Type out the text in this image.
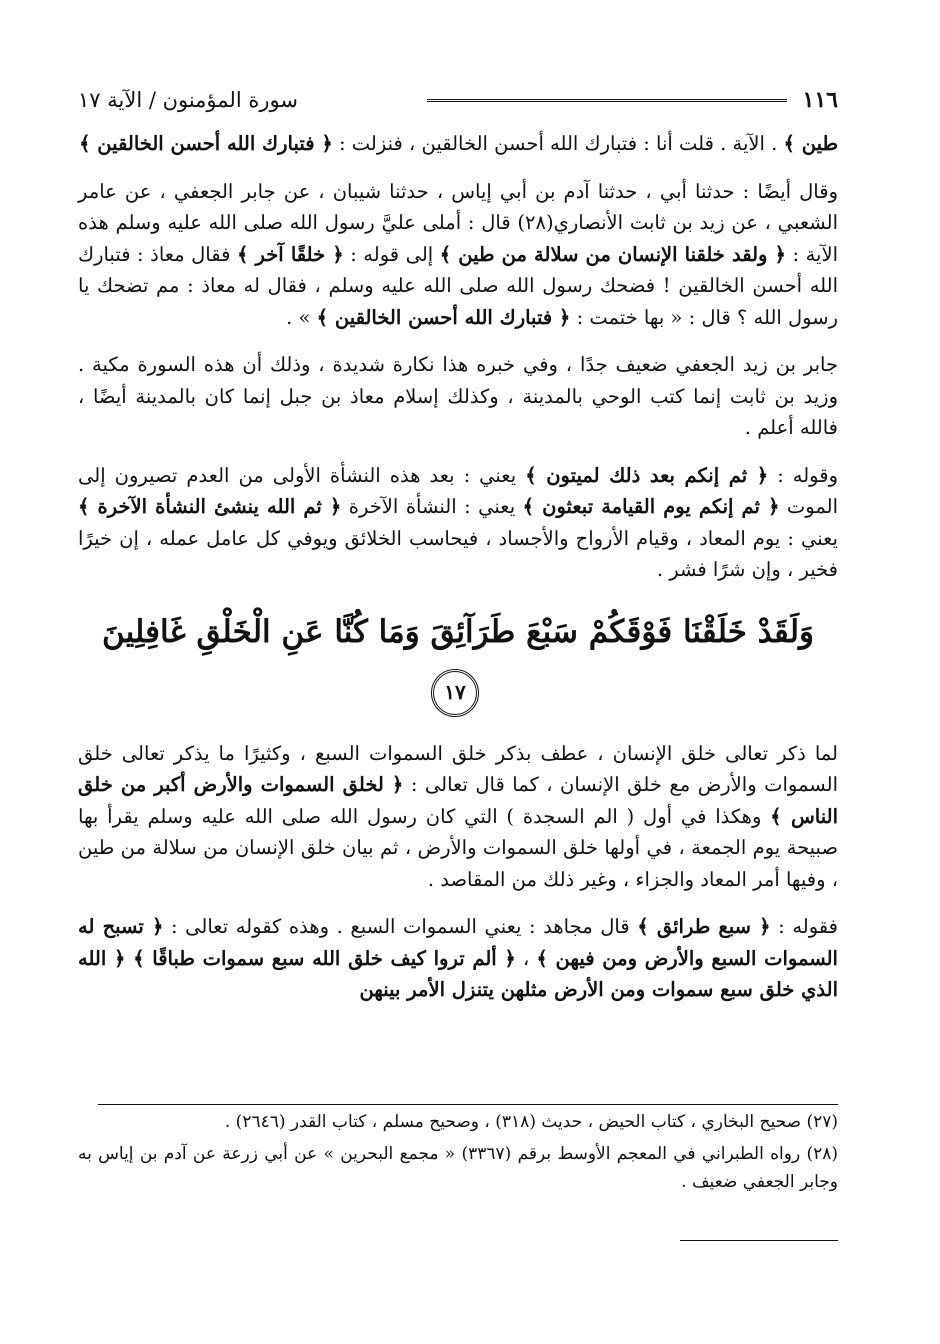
١١٦
سورة المؤمنون / الآية ١٧

طين ﴾ . الآية . قلت أنا : فتبارك الله أحسن الخالقين ، فنزلت : ﴿ فتبارك الله أحسن الخالقين ﴾

وقال أيضًا : حدثنا أبي ، حدثنا آدم بن أبي إياس ، حدثنا شيبان ، عن جابر الجعفي ، عن عامر الشعبي ، عن زيد بن ثابت الأنصاري(٢٨) قال : أملى عليَّ رسول الله صلى الله عليه وسلم هذه الآية : ﴿ ولقد خلقنا الإنسان من سلالة من طين ﴾ إلى قوله : ﴿ خلقًا آخر ﴾ فقال معاذ : فتبارك الله أحسن الخالقين ! فضحك رسول الله صلى الله عليه وسلم ، فقال له معاذ : مم تضحك يا رسول الله ؟ قال : « بها ختمت : ﴿ فتبارك الله أحسن الخالقين ﴾ » .

جابر بن زيد الجعفي ضعيف جدًا ، وفي خبره هذا نكارة شديدة ، وذلك أن هذه السورة مكية . وزيد بن ثابت إنما كتب الوحي بالمدينة ، وكذلك إسلام معاذ بن جبل إنما كان بالمدينة أيضًا ، فالله أعلم .

وقوله : ﴿ ثم إنكم بعد ذلك لميتون ﴾ يعني : بعد هذه النشأة الأولى من العدم تصيرون إلى الموت ﴿ ثم إنكم يوم القيامة تبعثون ﴾ يعني : النشأة الآخرة ﴿ ثم الله ينشئ النشأة الآخرة ﴾ يعني : يوم المعاد ، وقيام الأرواح والأجساد ، فيحاسب الخلائق ويوفي كل عامل عمله ، إن خيرًا فخير ، وإن شرًا فشر .

وَلَقَدْ خَلَقْنَا فَوْقَكُمْ سَبْعَ طَرَآئِقَ وَمَا كُنَّا عَنِ الْخَلْقِ غَافِلِينَ ١٧

لما ذكر تعالى خلق الإنسان ، عطف بذكر خلق السموات السبع ، وكثيرًا ما يذكر تعالى خلق السموات والأرض مع خلق الإنسان ، كما قال تعالى : ﴿ لخلق السموات والأرض أكبر من خلق الناس ﴾ وهكذا في أول ( الم السجدة ) التي كان رسول الله صلى الله عليه وسلم يقرأ بها صبيحة يوم الجمعة ، في أولها خلق السموات والأرض ، ثم بيان خلق الإنسان من سلالة من طين ، وفيها أمر المعاد والجزاء ، وغير ذلك من المقاصد .

فقوله : ﴿ سبع طرائق ﴾ قال مجاهد : يعني السموات السبع . وهذه كقوله تعالى : ﴿ تسبح له السموات السبع والأرض ومن فيهن ﴾ ، ﴿ ألم تروا كيف خلق الله سبع سموات طباقًا ﴾ ﴿ الله الذي خلق سبع سموات ومن الأرض مثلهن يتنزل الأمر بينهن

(٢٧) صحيح البخاري ، كتاب الحيض ، حديث (٣١٨) ، وصحيح مسلم ، كتاب القدر (٢٦٤٦) .

(٢٨) رواه الطبراني في المعجم الأوسط برقم (٣٣٦٧) « مجمع البحرين » عن أبي زرعة عن آدم بن إياس به وجابر الجعفي ضعيف .
